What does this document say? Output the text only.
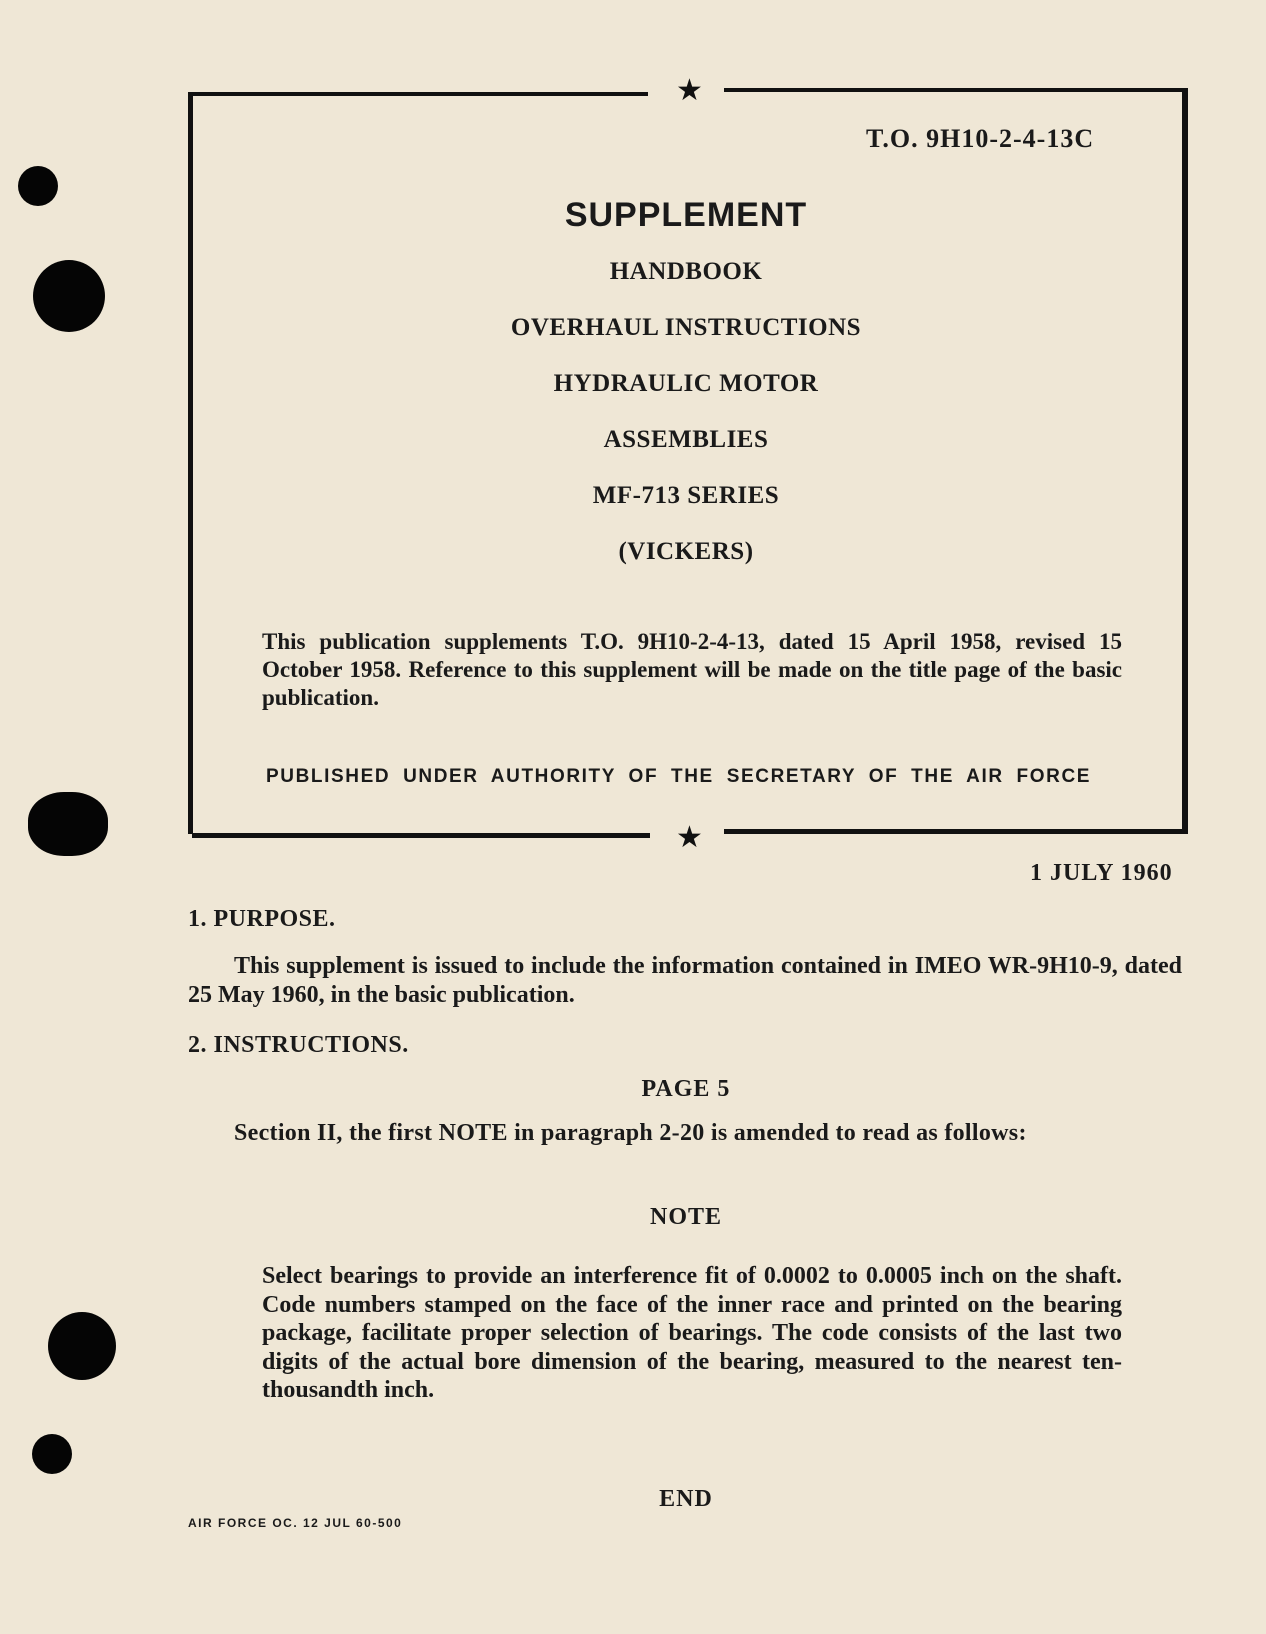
★
★
T.O. 9H10-2-4-13C
SUPPLEMENT
HANDBOOK
OVERHAUL INSTRUCTIONS
HYDRAULIC MOTOR
ASSEMBLIES
MF-713 SERIES
(VICKERS)
This publication supplements T.O. 9H10-2-4-13, dated 15 April 1958, revised 15 October 1958. Reference to this supplement will be made on the title page of the basic publication.
PUBLISHED UNDER AUTHORITY OF THE SECRETARY OF THE AIR FORCE
1 JULY 1960
1. PURPOSE.
This supplement is issued to include the information contained in IMEO WR-9H10-9, dated 25 May 1960, in the basic publication.
2. INSTRUCTIONS.
PAGE 5
Section II, the first NOTE in paragraph 2-20 is amended to read as follows:
NOTE
Select bearings to provide an interference fit of 0.0002 to 0.0005 inch on the shaft. Code numbers stamped on the face of the inner race and printed on the bearing package, facilitate proper selection of bearings. The code consists of the last two digits of the actual bore dimension of the bearing, measured to the nearest ten-thousandth inch.
END
AIR FORCE OC. 12 JUL 60-500
